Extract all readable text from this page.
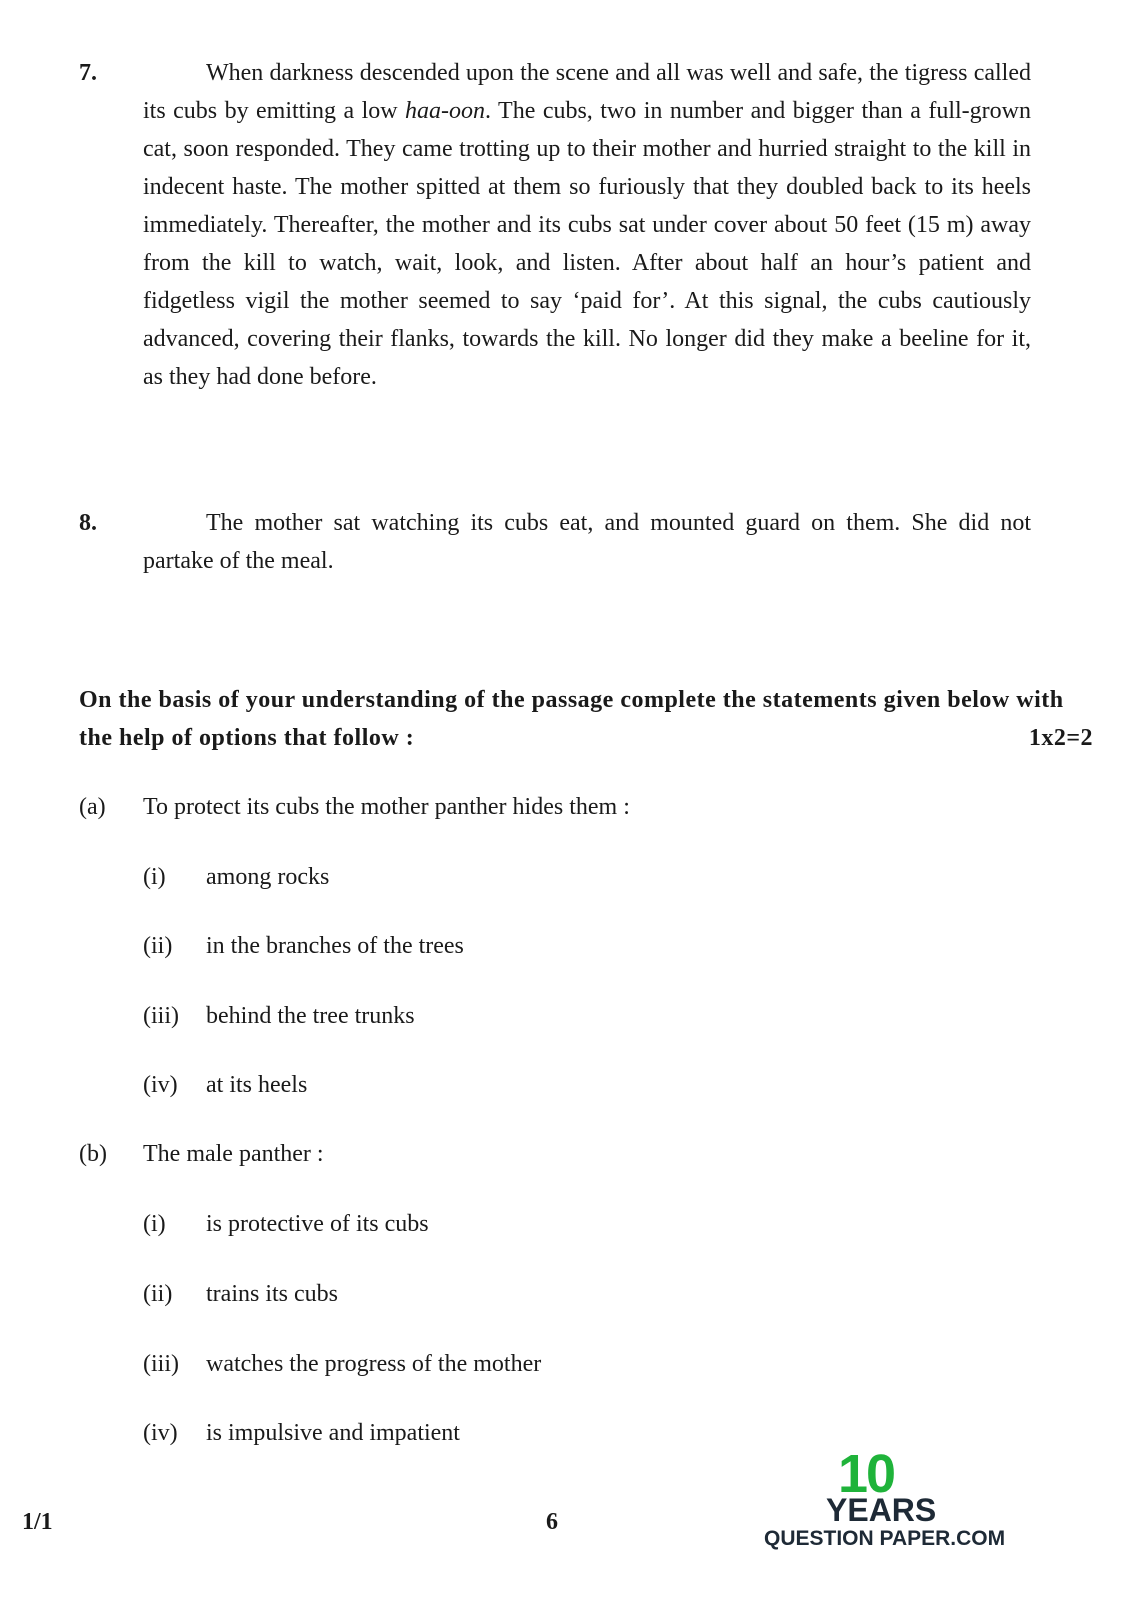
7.	When darkness descended upon the scene and all was well and safe, the tigress called its cubs by emitting a low haa-oon. The cubs, two in number and bigger than a full-grown cat, soon responded. They came trotting up to their mother and hurried straight to the kill in indecent haste. The mother spitted at them so furiously that they doubled back to its heels immediately. Thereafter, the mother and its cubs sat under cover about 50 feet (15 m) away from the kill to watch, wait, look, and listen. After about half an hour’s patient and fidgetless vigil the mother seemed to say ‘paid for’. At this signal, the cubs cautiously advanced, covering their flanks, towards the kill. No longer did they make a beeline for it, as they had done before.
8.	The mother sat watching its cubs eat, and mounted guard on them. She did not partake of the meal.
On the basis of your understanding of the passage complete the statements given below with the help of options that follow :	1x2=2
(a) To protect its cubs the mother panther hides them :
(i) among rocks
(ii) in the branches of the trees
(iii) behind the tree trunks
(iv) at its heels
(b) The male panther :
(i) is protective of its cubs
(ii) trains its cubs
(iii) watches the progress of the mother
(iv) is impulsive and impatient
1/1	6
10
YEARS
QUESTION PAPER.COM
